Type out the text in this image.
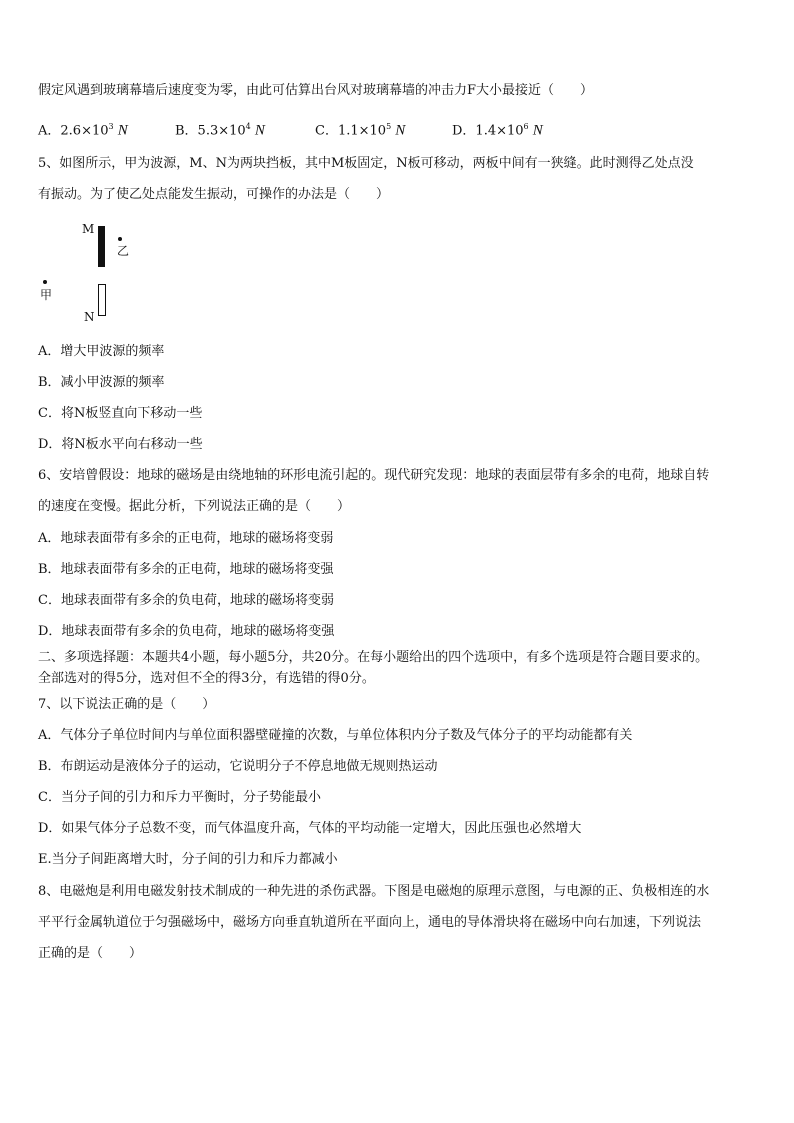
假定风遇到玻璃幕墙后速度变为零，由此可估算出台风对玻璃幕墙的冲击力F大小最接近（　　）
A．$2.6\times 10^3$ N	B．$5.3\times 10^4$ N	C．$1.1\times 10^5$ N	D．$1.4\times 10^6$ N
5、如图所示，甲为波源，M、N为两块挡板，其中M板固定，N板可移动，两板中间有一狭缝。此时测得乙处点没
有振动。为了使乙处点能发生振动，可操作的办法是（　　）
M
乙
甲
N
A．增大甲波源的频率
B．减小甲波源的频率
C．将N板竖直向下移动一些
D．将N板水平向右移动一些
6、安培曾假设：地球的磁场是由绕地轴的环形电流引起的。现代研究发现：地球的表面层带有多余的电荷，地球自转
的速度在变慢。据此分析，下列说法正确的是（　　）
A．地球表面带有多余的正电荷，地球的磁场将变弱
B．地球表面带有多余的正电荷，地球的磁场将变强
C．地球表面带有多余的负电荷，地球的磁场将变弱
D．地球表面带有多余的负电荷，地球的磁场将变强
二、多项选择题：本题共4小题，每小题5分，共20分。在每小题给出的四个选项中，有多个选项是符合题目要求的。
全部选对的得5分，选对但不全的得3分，有选错的得0分。
7、以下说法正确的是（　　）
A．气体分子单位时间内与单位面积器壁碰撞的次数，与单位体积内分子数及气体分子的平均动能都有关
B．布朗运动是液体分子的运动，它说明分子不停息地做无规则热运动
C．当分子间的引力和斥力平衡时，分子势能最小
D．如果气体分子总数不变，而气体温度升高，气体的平均动能一定增大，因此压强也必然增大
E.当分子间距离增大时，分子间的引力和斥力都减小
8、电磁炮是利用电磁发射技术制成的一种先进的杀伤武器。下图是电磁炮的原理示意图，与电源的正、负极相连的水
平平行金属轨道位于匀强磁场中，磁场方向垂直轨道所在平面向上，通电的导体滑块将在磁场中向右加速，下列说法
正确的是（　　）
